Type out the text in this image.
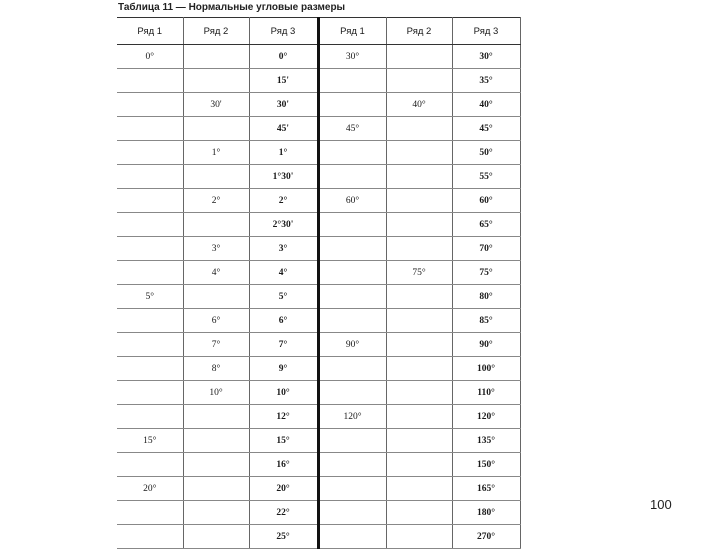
Таблица 11 — Нормальные угловые размеры
Ряд 1	Ряд 2	Ряд 3	Ряд 1	Ряд 2	Ряд 3
0°		0°	30°		30°
		15'			35°
	30'	30'		40°	40°
		45'	45°		45°
	1°	1°			50°
		1°30'			55°
	2°	2°	60°		60°
		2°30'			65°
	3°	3°			70°
	4°	4°		75°	75°
5°		5°			80°
	6°	6°			85°
	7°	7°	90°		90°
	8°	9°			100°
	10°	10°			110°
		12°	120°		120°
15°		15°			135°
		16°			150°
20°		20°			165°
		22°			180°
		25°			270°
100
